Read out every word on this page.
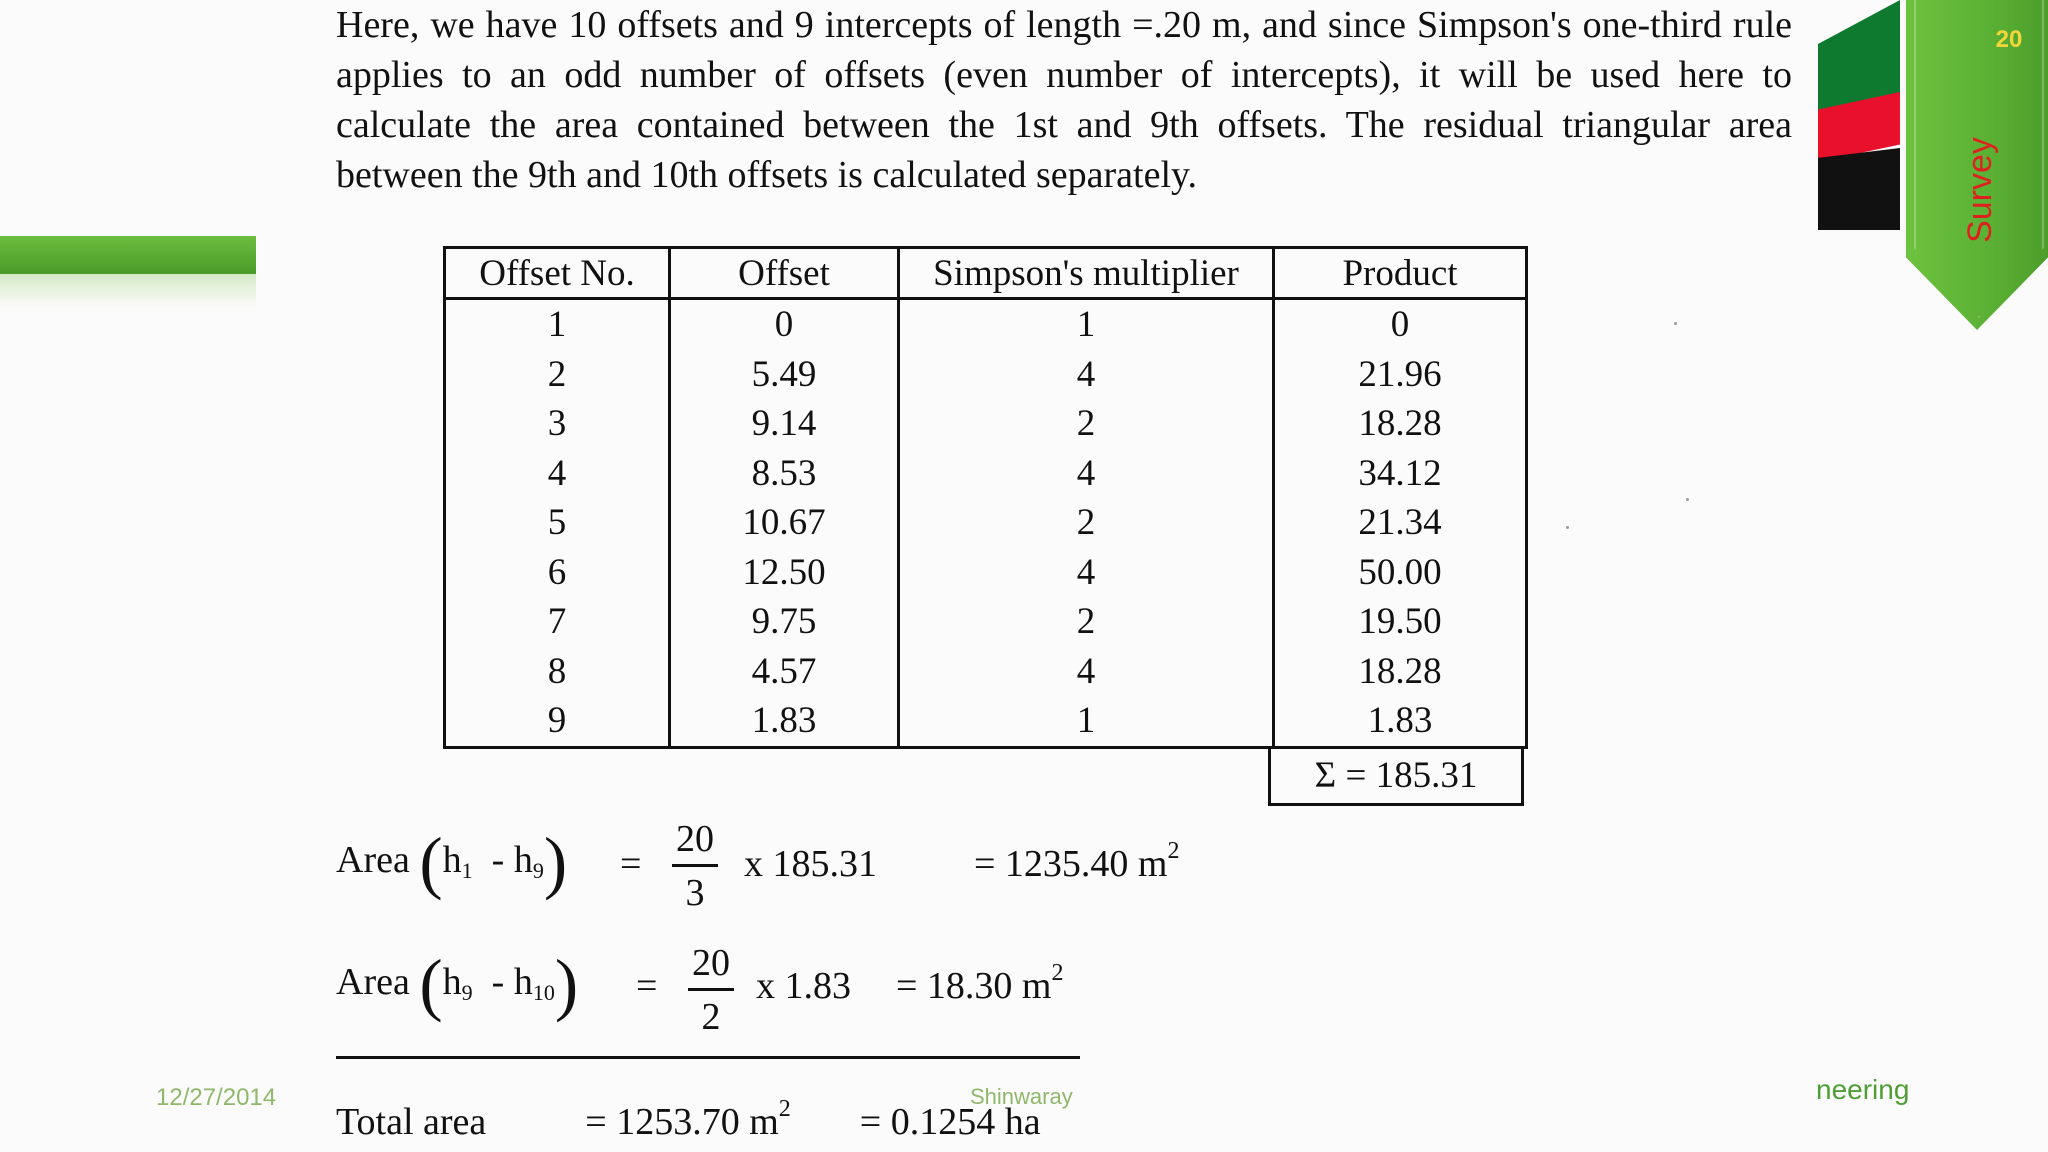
20
Survey
Here, we have 10 offsets and 9 intercepts of length =.20 m, and since Simpson's one-third rule applies to an odd number of offsets (even number of intercepts), it will be used here to calculate the area contained between the 1st and 9th offsets. The residual triangular area between the 9th and 10th offsets is calculated separately.
Offset No.	Offset	Simpson's multiplier	Product
1	0	1	0
2	5.49	4	21.96
3	9.14	2	18.28
4	8.53	4	34.12
5	10.67	2	21.34
6	12.50	4	50.00
7	9.75	2	19.50
8	4.57	4	18.28
9	1.83	1	1.83
Σ = 185.31
Area $(h_1 - h_9) = \frac{20}{3}$ x 185.31	= 1235.40 $m^2$
Area $(h_9 - h_{10}) = \frac{20}{2}$ x 1.83 = 18.30 $m^2$
Total area	= 1253.70 $m^2 = 0.1254$ ha
12/27/2014	Shinwaray	neering
